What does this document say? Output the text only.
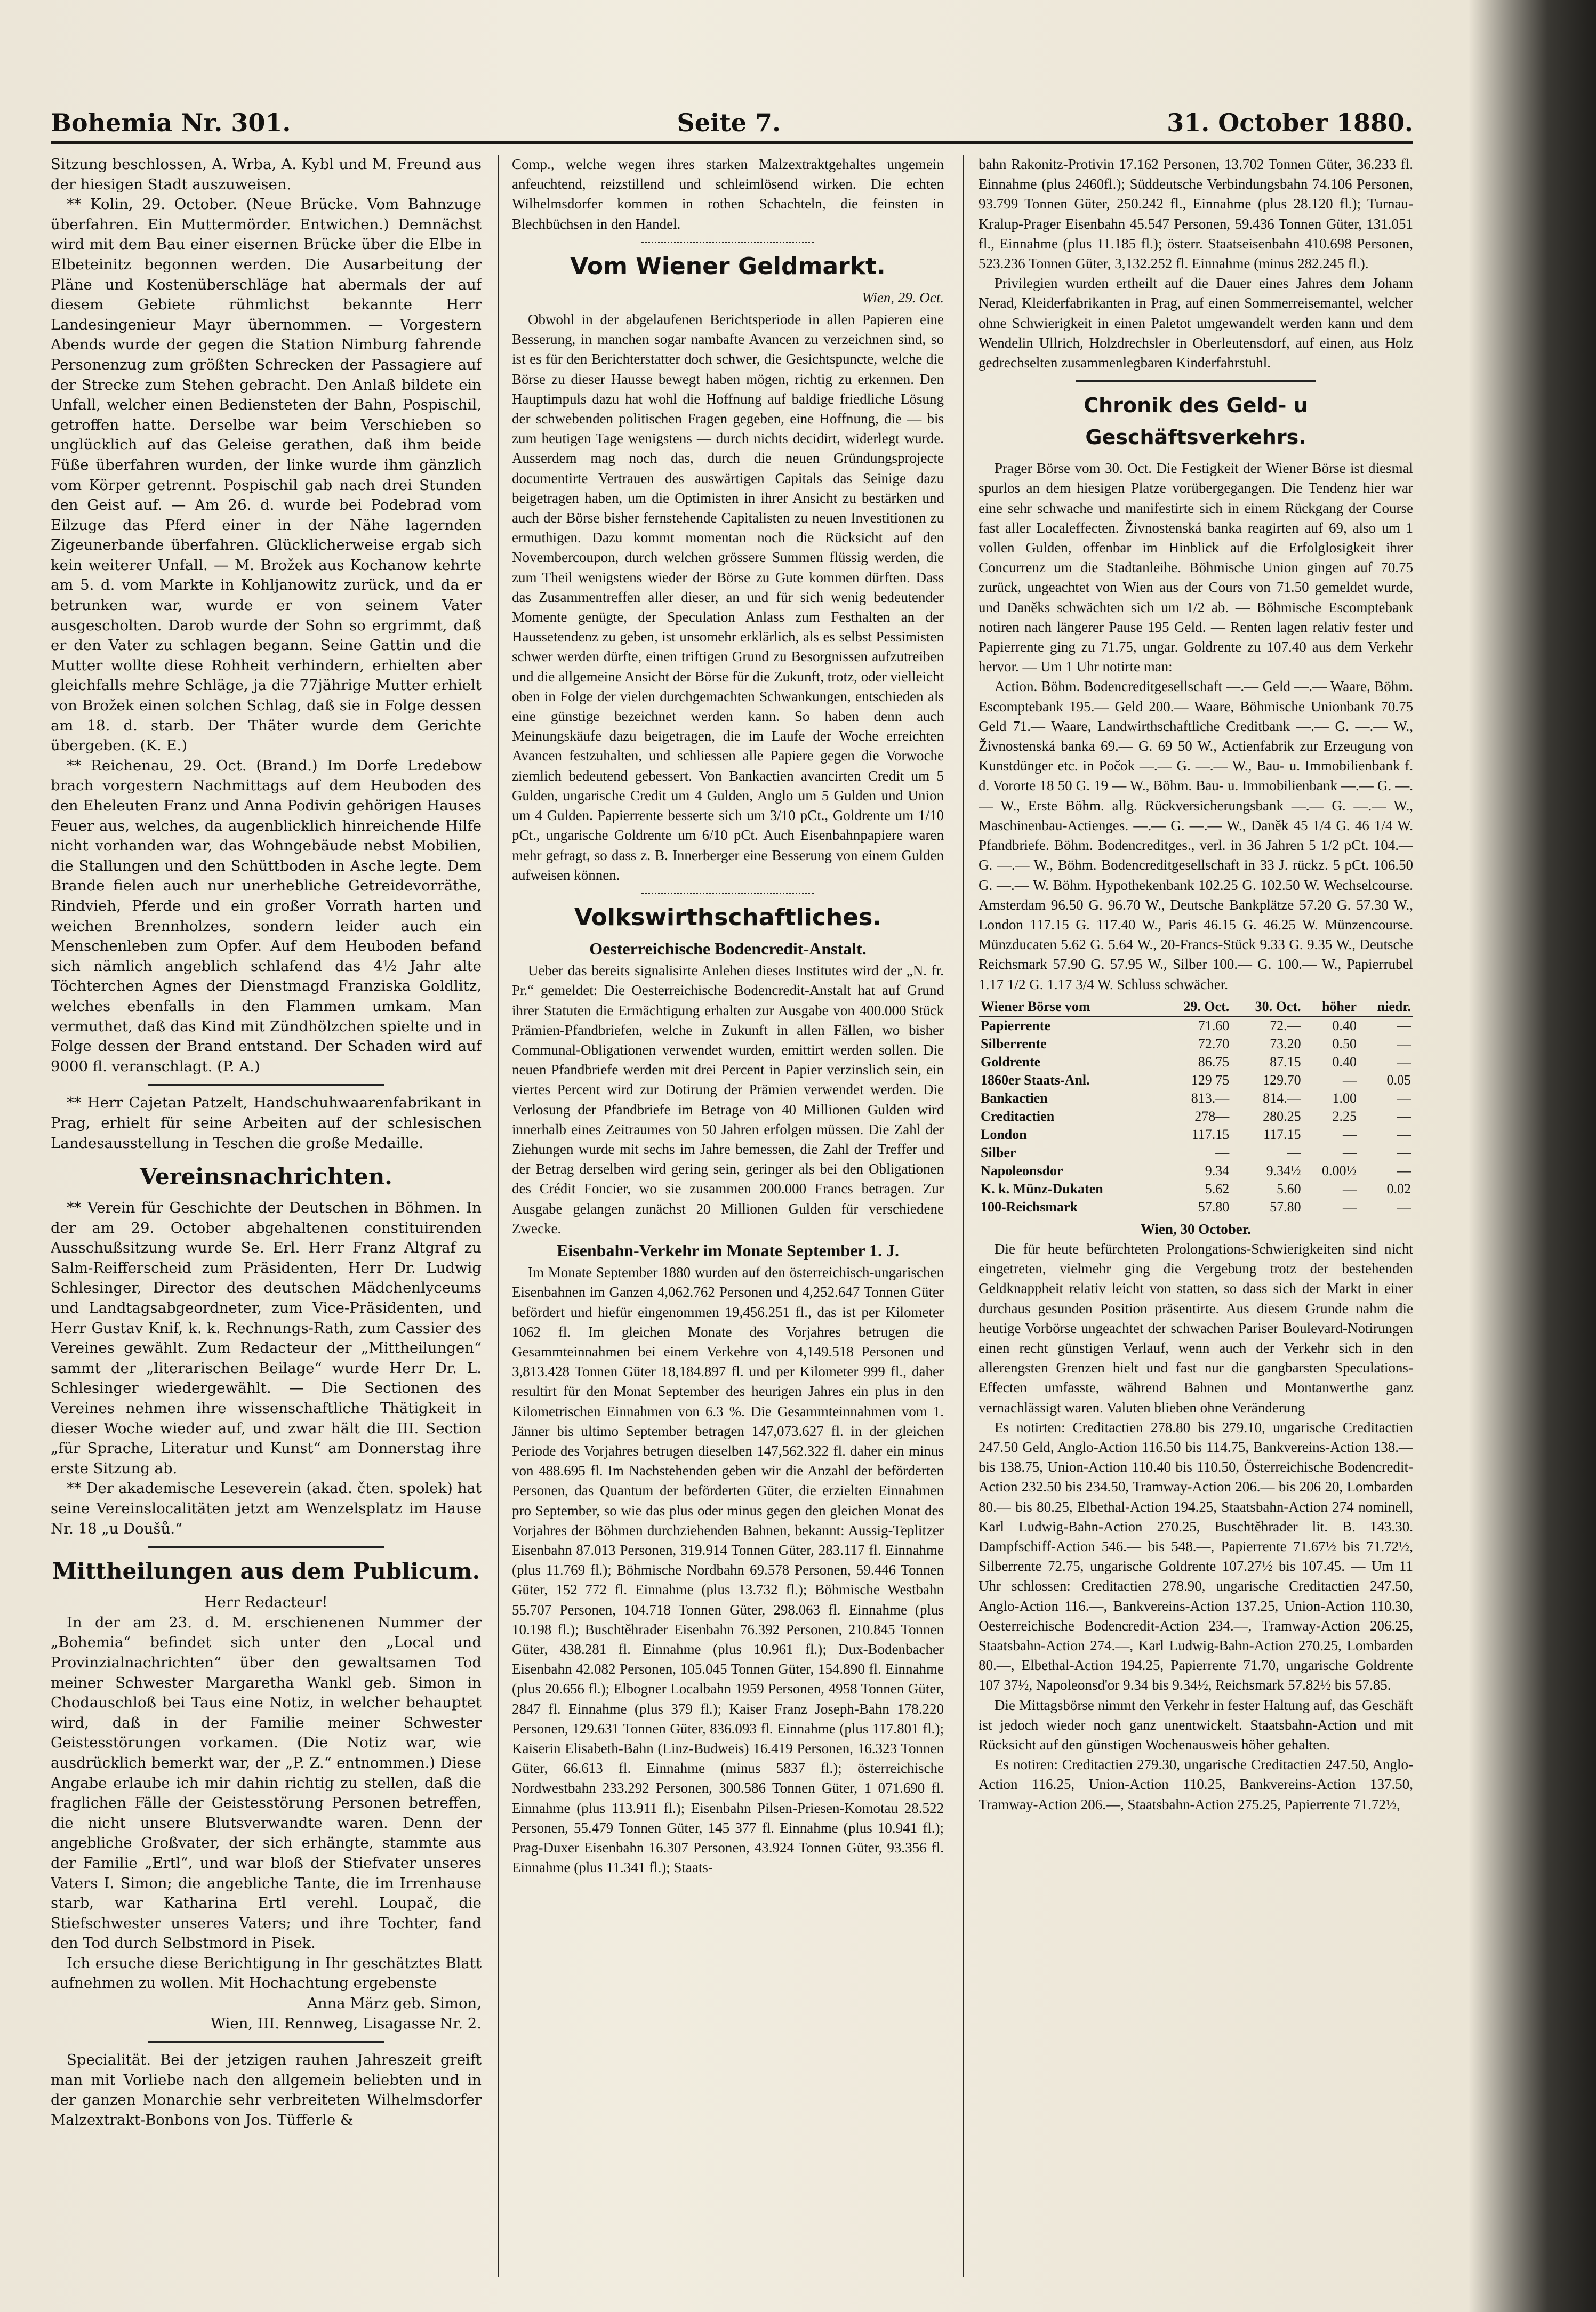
Bohemia Nr. 301.	Seite 7.	31. October 1880.

Sitzung beschlossen, A. Wrba, A. Kybl und M. Freund aus der hiesigen Stadt auszuweisen.

** Kolin, 29. October. (Neue Brücke. Vom Bahnzuge überfahren. Ein Muttermörder. Entwichen.) Demnächst wird mit dem Bau einer eisernen Brücke über die Elbe in Elbeteinitz begonnen werden. Die Ausarbeitung der Pläne und Kostenüberschläge hat abermals der auf diesem Gebiete rühmlichst bekannte Herr Landesingenieur Mayr übernommen. — Vorgestern Abends wurde der gegen die Station Nimburg fahrende Personenzug zum größten Schrecken der Passagiere auf der Strecke zum Stehen gebracht. Den Anlaß bildete ein Unfall, welcher einen Bediensteten der Bahn, Pospischil, getroffen hatte. Derselbe war beim Verschieben so unglücklich auf das Geleise gerathen, daß ihm beide Füße überfahren wurden, der linke wurde ihm gänzlich vom Körper getrennt. Pospischil gab nach drei Stunden den Geist auf. — Am 26. d. wurde bei Podebrad vom Eilzuge das Pferd einer in der Nähe lagernden Zigeunerbande überfahren. Glücklicherweise ergab sich kein weiterer Unfall. — M. Brožek aus Kochanow kehrte am 5. d. vom Markte in Kohljanowitz zurück, und da er betrunken war, wurde er von seinem Vater ausgescholten. Darob wurde der Sohn so ergrimmt, daß er den Vater zu schlagen begann. Seine Gattin und die Mutter wollte diese Rohheit verhindern, erhielten aber gleichfalls mehre Schläge, ja die 77jährige Mutter erhielt von Brožek einen solchen Schlag, daß sie in Folge dessen am 18. d. starb. Der Thäter wurde dem Gerichte übergeben. (K. E.)

** Reichenau, 29. Oct. (Brand.) Im Dorfe Lredebow brach vorgestern Nachmittags auf dem Heuboden des den Eheleuten Franz und Anna Podivin gehörigen Hauses Feuer aus, welches, da augenblicklich hinreichende Hilfe nicht vorhanden war, das Wohngebäude nebst Mobilien, die Stallungen und den Schüttboden in Asche legte. Dem Brande fielen auch nur unerhebliche Getreidevorräthe, Rindvieh, Pferde und ein großer Vorrath harten und weichen Brennholzes, sondern leider auch ein Menschenleben zum Opfer. Auf dem Heuboden befand sich nämlich angeblich schlafend das 4½ Jahr alte Töchterchen Agnes der Dienstmagd Franziska Goldlitz, welches ebenfalls in den Flammen umkam. Man vermuthet, daß das Kind mit Zündhölzchen spielte und in Folge dessen der Brand entstand. Der Schaden wird auf 9000 fl. veranschlagt. (P. A.)

** Herr Cajetan Patzelt, Handschuhwaarenfabrikant in Prag, erhielt für seine Arbeiten auf der schlesischen Landesausstellung in Teschen die große Medaille.

Vereinsnachrichten.

** Verein für Geschichte der Deutschen in Böhmen. In der am 29. October abgehaltenen constituirenden Ausschußsitzung wurde Se. Erl. Herr Franz Altgraf zu Salm-Reifferscheid zum Präsidenten, Herr Dr. Ludwig Schlesinger, Director des deutschen Mädchenlyceums und Landtagsabgeordneter, zum Vice-Präsidenten, und Herr Gustav Knif, k. k. Rechnungs-Rath, zum Cassier des Vereines gewählt. Zum Redacteur der „Mittheilungen“ sammt der „literarischen Beilage“ wurde Herr Dr. L. Schlesinger wiedergewählt. — Die Sectionen des Vereines nehmen ihre wissenschaftliche Thätigkeit in dieser Woche wieder auf, und zwar hält die III. Section „für Sprache, Literatur und Kunst“ am Donnerstag ihre erste Sitzung ab.

** Der akademische Leseverein (akad. čten. spolek) hat seine Vereinslocalitäten jetzt am Wenzelsplatz im Hause Nr. 18 „u Doušů.“

Mittheilungen aus dem Publicum.

Herr Redacteur!

In der am 23. d. M. erschienenen Nummer der „Bohemia“ befindet sich unter den „Local und Provinzialnachrichten“ über den gewaltsamen Tod meiner Schwester Margaretha Wankl geb. Simon in Chodauschloß bei Taus eine Notiz, in welcher behauptet wird, daß in der Familie meiner Schwester Geistesstörungen vorkamen. (Die Notiz war, wie ausdrücklich bemerkt war, der „P. Z.“ entnommen.) Diese Angabe erlaube ich mir dahin richtig zu stellen, daß die fraglichen Fälle der Geistesstörung Personen betreffen, die nicht unsere Blutsverwandte waren. Denn der angebliche Großvater, der sich erhängte, stammte aus der Familie „Ertl“, und war bloß der Stiefvater unseres Vaters I. Simon; die angebliche Tante, die im Irrenhause starb, war Katharina Ertl verehl. Loupač, die Stiefschwester unseres Vaters; und ihre Tochter, fand den Tod durch Selbstmord in Pisek.

Ich ersuche diese Berichtigung in Ihr geschätztes Blatt aufnehmen zu wollen. Mit Hochachtung ergebenste

Anna März geb. Simon,

Wien, III. Rennweg, Lisagasse Nr. 2.

Specialität. Bei der jetzigen rauhen Jahreszeit greift man mit Vorliebe nach den allgemein beliebten und in der ganzen Monarchie sehr verbreiteten Wilhelmsdorfer Malzextrakt-Bonbons von Jos. Tüfferle &

Comp., welche wegen ihres starken Malzextraktgehaltes ungemein anfeuchtend, reizstillend und schleimlösend wirken. Die echten Wilhelmsdorfer kommen in rothen Schachteln, die feinsten in Blechbüchsen in den Handel.

Vom Wiener Geldmarkt.

Wien, 29. Oct.

Obwohl in der abgelaufenen Berichtsperiode in allen Papieren eine Besserung, in manchen sogar nambafte Avancen zu verzeichnen sind, so ist es für den Berichterstatter doch schwer, die Gesichtspuncte, welche die Börse zu dieser Hausse bewegt haben mögen, richtig zu erkennen. Den Hauptimpuls dazu hat wohl die Hoffnung auf baldige friedliche Lösung der schwebenden politischen Fragen gegeben, eine Hoffnung, die — bis zum heutigen Tage wenigstens — durch nichts decidirt, widerlegt wurde. Ausserdem mag noch das, durch die neuen Gründungsprojecte documentirte Vertrauen des auswärtigen Capitals das Seinige dazu beigetragen haben, um die Optimisten in ihrer Ansicht zu bestärken und auch der Börse bisher fernstehende Capitalisten zu neuen Investitionen zu ermuthigen. Dazu kommt momentan noch die Rücksicht auf den Novembercoupon, durch welchen grössere Summen flüssig werden, die zum Theil wenigstens wieder der Börse zu Gute kommen dürften. Dass das Zusammentreffen aller dieser, an und für sich wenig bedeutender Momente genügte, der Speculation Anlass zum Festhalten an der Haussetendenz zu geben, ist unsomehr erklärlich, als es selbst Pessimisten schwer werden dürfte, einen triftigen Grund zu Besorgnissen aufzutreiben und die allgemeine Ansicht der Börse für die Zukunft, trotz, oder vielleicht oben in Folge der vielen durchgemachten Schwankungen, entschieden als eine günstige bezeichnet werden kann. So haben denn auch Meinungskäufe dazu beigetragen, die im Laufe der Woche erreichten Avancen festzuhalten, und schliessen alle Papiere gegen die Vorwoche ziemlich bedeutend gebessert. Von Bankactien avancirten Credit um 5 Gulden, ungarische Credit um 4 Gulden, Anglo um 5 Gulden und Union um 4 Gulden. Papierrente besserte sich um 3/10 pCt., Goldrente um 1/10 pCt., ungarische Goldrente um 6/10 pCt. Auch Eisenbahnpapiere waren mehr gefragt, so dass z. B. Innerberger eine Besserung von einem Gulden aufweisen können.

Volkswirthschaftliches.
Oesterreichische Bodencredit-Anstalt.

Ueber das bereits signalisirte Anlehen dieses Institutes wird der „N. fr. Pr.“ gemeldet: Die Oesterreichische Bodencredit-Anstalt hat auf Grund ihrer Statuten die Ermächtigung erhalten zur Ausgabe von 400.000 Stück Prämien-Pfandbriefen, welche in Zukunft in allen Fällen, wo bisher Communal-Obligationen verwendet wurden, emittirt werden sollen. Die neuen Pfandbriefe werden mit drei Percent in Papier verzinslich sein, ein viertes Percent wird zur Dotirung der Prämien verwendet werden. Die Verlosung der Pfandbriefe im Betrage von 40 Millionen Gulden wird innerhalb eines Zeitraumes von 50 Jahren erfolgen müssen. Die Zahl der Ziehungen wurde mit sechs im Jahre bemessen, die Zahl der Treffer und der Betrag derselben wird gering sein, geringer als bei den Obligationen des Crédit Foncier, wo sie zusammen 200.000 Francs betragen. Zur Ausgabe gelangen zunächst 20 Millionen Gulden für verschiedene Zwecke.

Eisenbahn-Verkehr im Monate September 1. J.

Im Monate September 1880 wurden auf den österreichisch-ungarischen Eisenbahnen im Ganzen 4,062.762 Personen und 4,252.647 Tonnen Güter befördert und hiefür eingenommen 19,456.251 fl., das ist per Kilometer 1062 fl. Im gleichen Monate des Vorjahres betrugen die Gesammteinnahmen bei einem Verkehre von 4,149.518 Personen und 3,813.428 Tonnen Güter 18,184.897 fl. und per Kilometer 999 fl., daher resultirt für den Monat September des heurigen Jahres ein plus in den Kilometrischen Einnahmen von 6.3 %. Die Gesammteinnahmen vom 1. Jänner bis ultimo September betragen 147,073.627 fl. in der gleichen Periode des Vorjahres betrugen dieselben 147,562.322 fl. daher ein minus von 488.695 fl. Im Nachstehenden geben wir die Anzahl der beförderten Personen, das Quantum der beförderten Güter, die erzielten Einnahmen pro September, so wie das plus oder minus gegen den gleichen Monat des Vorjahres der Böhmen durchziehenden Bahnen, bekannt: Aussig-Teplitzer Eisenbahn 87.013 Personen, 319.914 Tonnen Güter, 283.117 fl. Einnahme (plus 11.769 fl.); Böhmische Nordbahn 69.578 Personen, 59.446 Tonnen Güter, 152 772 fl. Einnahme (plus 13.732 fl.); Böhmische Westbahn 55.707 Personen, 104.718 Tonnen Güter, 298.063 fl. Einnahme (plus 10.198 fl.); Buschtěhrader Eisenbahn 76.392 Personen, 210.845 Tonnen Güter, 438.281 fl. Einnahme (plus 10.961 fl.); Dux-Bodenbacher Eisenbahn 42.082 Personen, 105.045 Tonnen Güter, 154.890 fl. Einnahme (plus 20.656 fl.); Elbogner Localbahn 1959 Personen, 4958 Tonnen Güter, 2847 fl. Einnahme (plus 379 fl.); Kaiser Franz Joseph-Bahn 178.220 Personen, 129.631 Tonnen Güter, 836.093 fl. Einnahme (plus 117.801 fl.); Kaiserin Elisabeth-Bahn (Linz-Budweis) 16.419 Personen, 16.323 Tonnen Güter, 66.613 fl. Einnahme (minus 5837 fl.); österreichische Nordwestbahn 233.292 Personen, 300.586 Tonnen Güter, 1 071.690 fl. Einnahme (plus 113.911 fl.); Eisenbahn Pilsen-Priesen-Komotau 28.522 Personen, 55.479 Tonnen Güter, 145 377 fl. Einnahme (plus 10.941 fl.); Prag-Duxer Eisenbahn 16.307 Personen, 43.924 Tonnen Güter, 93.356 fl. Einnahme (plus 11.341 fl.); Staats-

bahn Rakonitz-Protivin 17.162 Personen, 13.702 Tonnen Güter, 36.233 fl. Einnahme (plus 2460fl.); Süddeutsche Verbindungsbahn 74.106 Personen, 93.799 Tonnen Güter, 250.242 fl., Einnahme (plus 28.120 fl.); Turnau-Kralup-Prager Eisenbahn 45.547 Personen, 59.436 Tonnen Güter, 131.051 fl., Einnahme (plus 11.185 fl.); österr. Staatseisenbahn 410.698 Personen, 523.236 Tonnen Güter, 3,132.252 fl. Einnahme (minus 282.245 fl.).

Privilegien wurden ertheilt auf die Dauer eines Jahres dem Johann Nerad, Kleiderfabrikanten in Prag, auf einen Sommerreisemantel, welcher ohne Schwierigkeit in einen Paletot umgewandelt werden kann und dem Wendelin Ullrich, Holzdrechsler in Oberleutensdorf, auf einen, aus Holz gedrechselten zusammenlegbaren Kinderfahrstuhl.

Chronik des Geld- u Geschäftsverkehrs.

Prager Börse vom 30. Oct. Die Festigkeit der Wiener Börse ist diesmal spurlos an dem hiesigen Platze vorübergegangen. Die Tendenz hier war eine sehr schwache und manifestirte sich in einem Rückgang der Course fast aller Localeffecten. Živnostenská banka reagirten auf 69, also um 1 vollen Gulden, offenbar im Hinblick auf die Erfolglosigkeit ihrer Concurrenz um die Stadtanleihe. Böhmische Union gingen auf 70.75 zurück, ungeachtet von Wien aus der Cours von 71.50 gemeldet wurde, und Daněks schwächten sich um 1/2 ab. — Böhmische Escomptebank notiren nach längerer Pause 195 Geld. — Renten lagen relativ fester und Papierrente ging zu 71.75, ungar. Goldrente zu 107.40 aus dem Verkehr hervor. — Um 1 Uhr notirte man:

Action. Böhm. Bodencreditgesellschaft —.— Geld —.— Waare, Böhm. Escomptebank 195.— Geld 200.— Waare, Böhmische Unionbank 70.75 Geld 71.— Waare, Landwirthschaftliche Creditbank —.— G. —.— W., Živnostenská banka 69.— G. 69 50 W., Actienfabrik zur Erzeugung von Kunstdünger etc. in Počok —.— G. —.— W., Bau- u. Immobilienbank f. d. Vororte 18 50 G. 19 — W., Böhm. Bau- u. Immobilienbank —.— G. —.— W., Erste Böhm. allg. Rückversicherungsbank —.— G. —.— W., Maschinenbau-Actienges. —.— G. —.— W., Daněk 45 1/4 G. 46 1/4 W. Pfandbriefe. Böhm. Bodencreditges., verl. in 36 Jahren 5 1/2 pCt. 104.— G. —.— W., Böhm. Bodencreditgesellschaft in 33 J. rückz. 5 pCt. 106.50 G. —.— W. Böhm. Hypothekenbank 102.25 G. 102.50 W. Wechselcourse. Amsterdam 96.50 G. 96.70 W., Deutsche Bankplätze 57.20 G. 57.30 W., London 117.15 G. 117.40 W., Paris 46.15 G. 46.25 W. Münzencourse. Münzducaten 5.62 G. 5.64 W., 20-Francs-Stück 9.33 G. 9.35 W., Deutsche Reichsmark 57.90 G. 57.95 W., Silber 100.— G. 100.— W., Papierrubel 1.17 1/2 G. 1.17 3/4 W. Schluss schwächer.

Wiener Börse vom	29. Oct.	30. Oct.	höher	niedr.
Papierrente	71.60	72.—	0.40	—
Silberrente	72.70	73.20	0.50	—
Goldrente	86.75	87.15	0.40	—
1860er Staats-Anl.	129 75	129.70	—	0.05
Bankactien	813.—	814.—	1.00	—
Creditactien	278—	280.25	2.25	—
London	117.15	117.15	—	—
Silber	—	—	—	—
Napoleonsdor	9.34	9.34½	0.00½	—
K. k. Münz-Dukaten	5.62	5.60	—	0.02
100-Reichsmark	57.80	57.80	—	—

Wien, 30 October.

Die für heute befürchteten Prolongations-Schwierigkeiten sind nicht eingetreten, vielmehr ging die Vergebung trotz der bestehenden Geldknappheit relativ leicht von statten, so dass sich der Markt in einer durchaus gesunden Position präsentirte. Aus diesem Grunde nahm die heutige Vorbörse ungeachtet der schwachen Pariser Boulevard-Notirungen einen recht günstigen Verlauf, wenn auch der Verkehr sich in den allerengsten Grenzen hielt und fast nur die gangbarsten Speculations-Effecten umfasste, während Bahnen und Montanwerthe ganz vernachlässigt waren. Valuten blieben ohne Veränderung

Es notirten: Creditactien 278.80 bis 279.10, ungarische Creditactien 247.50 Geld, Anglo-Action 116.50 bis 114.75, Bankvereins-Action 138.— bis 138.75, Union-Action 110.40 bis 110.50, Österreichische Bodencredit-Action 232.50 bis 234.50, Tramway-Action 206.— bis 206 20, Lombarden 80.— bis 80.25, Elbethal-Action 194.25, Staatsbahn-Action 274 nominell, Karl Ludwig-Bahn-Action 270.25, Buschtěhrader lit. B. 143.30. Dampfschiff-Action 546.— bis 548.—, Papierrente 71.67½ bis 71.72½, Silberrente 72.75, ungarische Goldrente 107.27½ bis 107.45. — Um 11 Uhr schlossen: Creditactien 278.90, ungarische Creditactien 247.50, Anglo-Action 116.—, Bankvereins-Action 137.25, Union-Action 110.30, Oesterreichische Bodencredit-Action 234.—, Tramway-Action 206.25, Staatsbahn-Action 274.—, Karl Ludwig-Bahn-Action 270.25, Lombarden 80.—, Elbethal-Action 194.25, Papierrente 71.70, ungarische Goldrente 107 37½, Napoleonsd'or 9.34 bis 9.34½, Reichsmark 57.82½ bis 57.85.

Die Mittagsbörse nimmt den Verkehr in fester Haltung auf, das Geschäft ist jedoch wieder noch ganz unentwickelt. Staatsbahn-Action und mit Rücksicht auf den günstigen Wochenausweis höher gehalten.

Es notiren: Creditactien 279.30, ungarische Creditactien 247.50, Anglo-Action 116.25, Union-Action 110.25, Bankvereins-Action 137.50, Tramway-Action 206.—, Staatsbahn-Action 275.25, Papierrente 71.72½,
